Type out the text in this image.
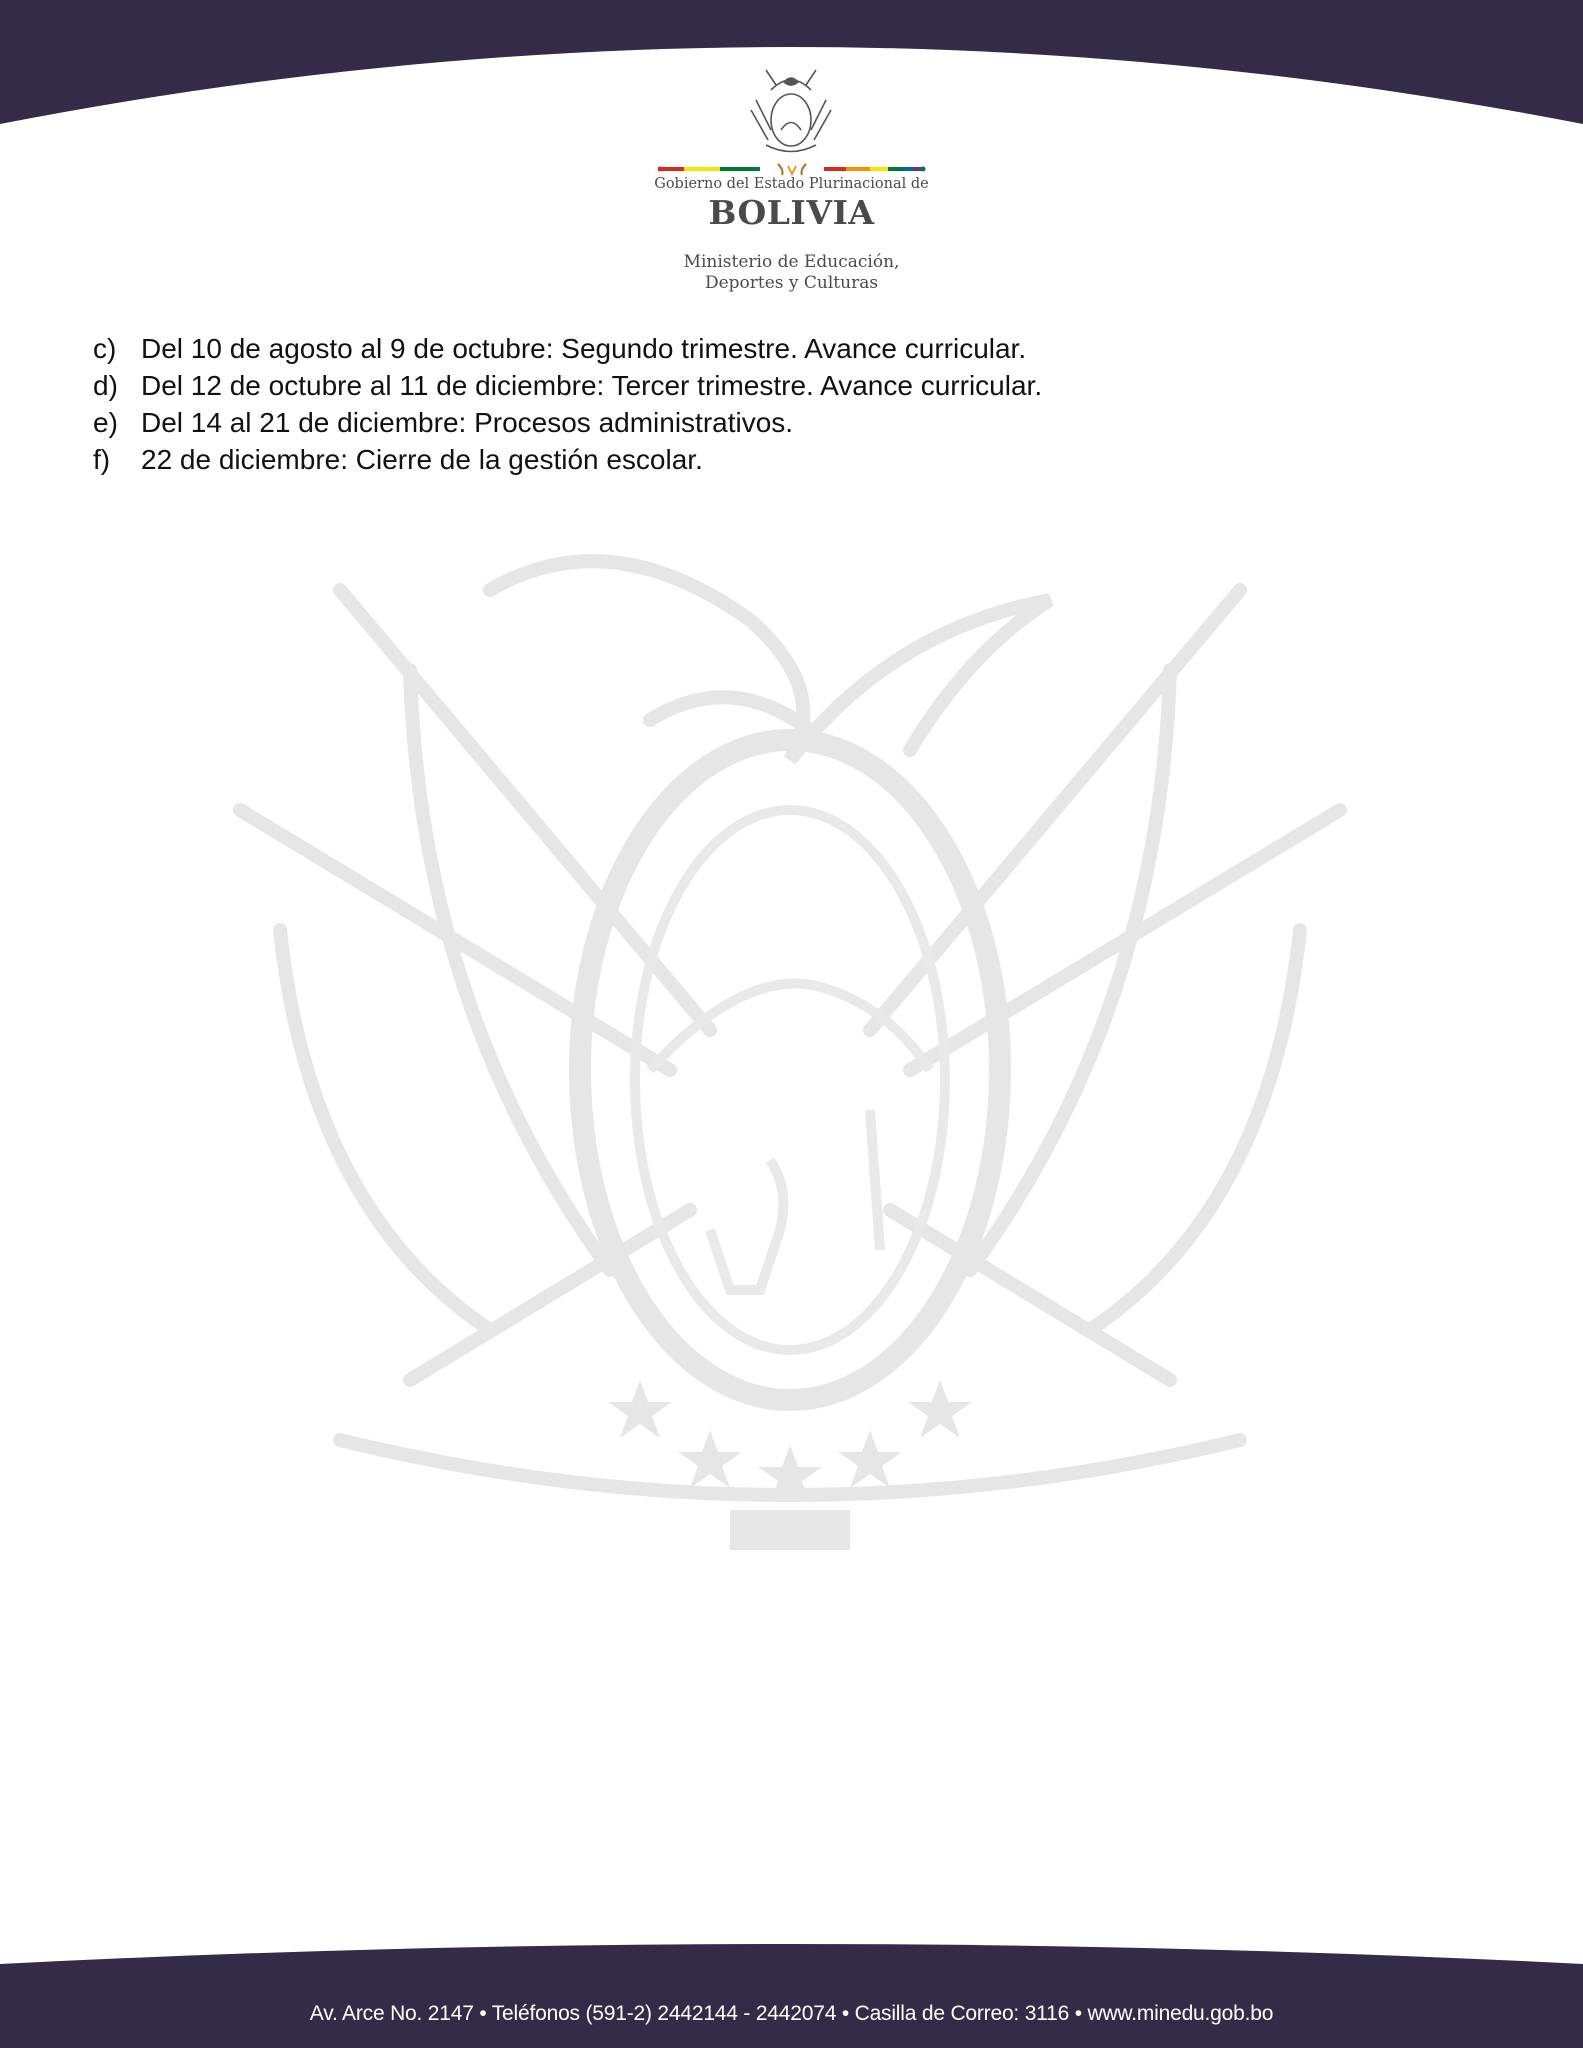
Gobierno del Estado Plurinacional de
BOLIVIA
Ministerio de Educación,
Deportes y Culturas
c) Del 10 de agosto al 9 de octubre: Segundo trimestre. Avance curricular.
d) Del 12 de octubre al 11 de diciembre: Tercer trimestre. Avance curricular.
e) Del 14 al 21 de diciembre: Procesos administrativos.
f)	22 de diciembre: Cierre de la gestión escolar.
Av. Arce No. 2147 • Teléfonos (591-2) 2442144 - 2442074 • Casilla de Correo: 3116 • www.minedu.gob.bo
